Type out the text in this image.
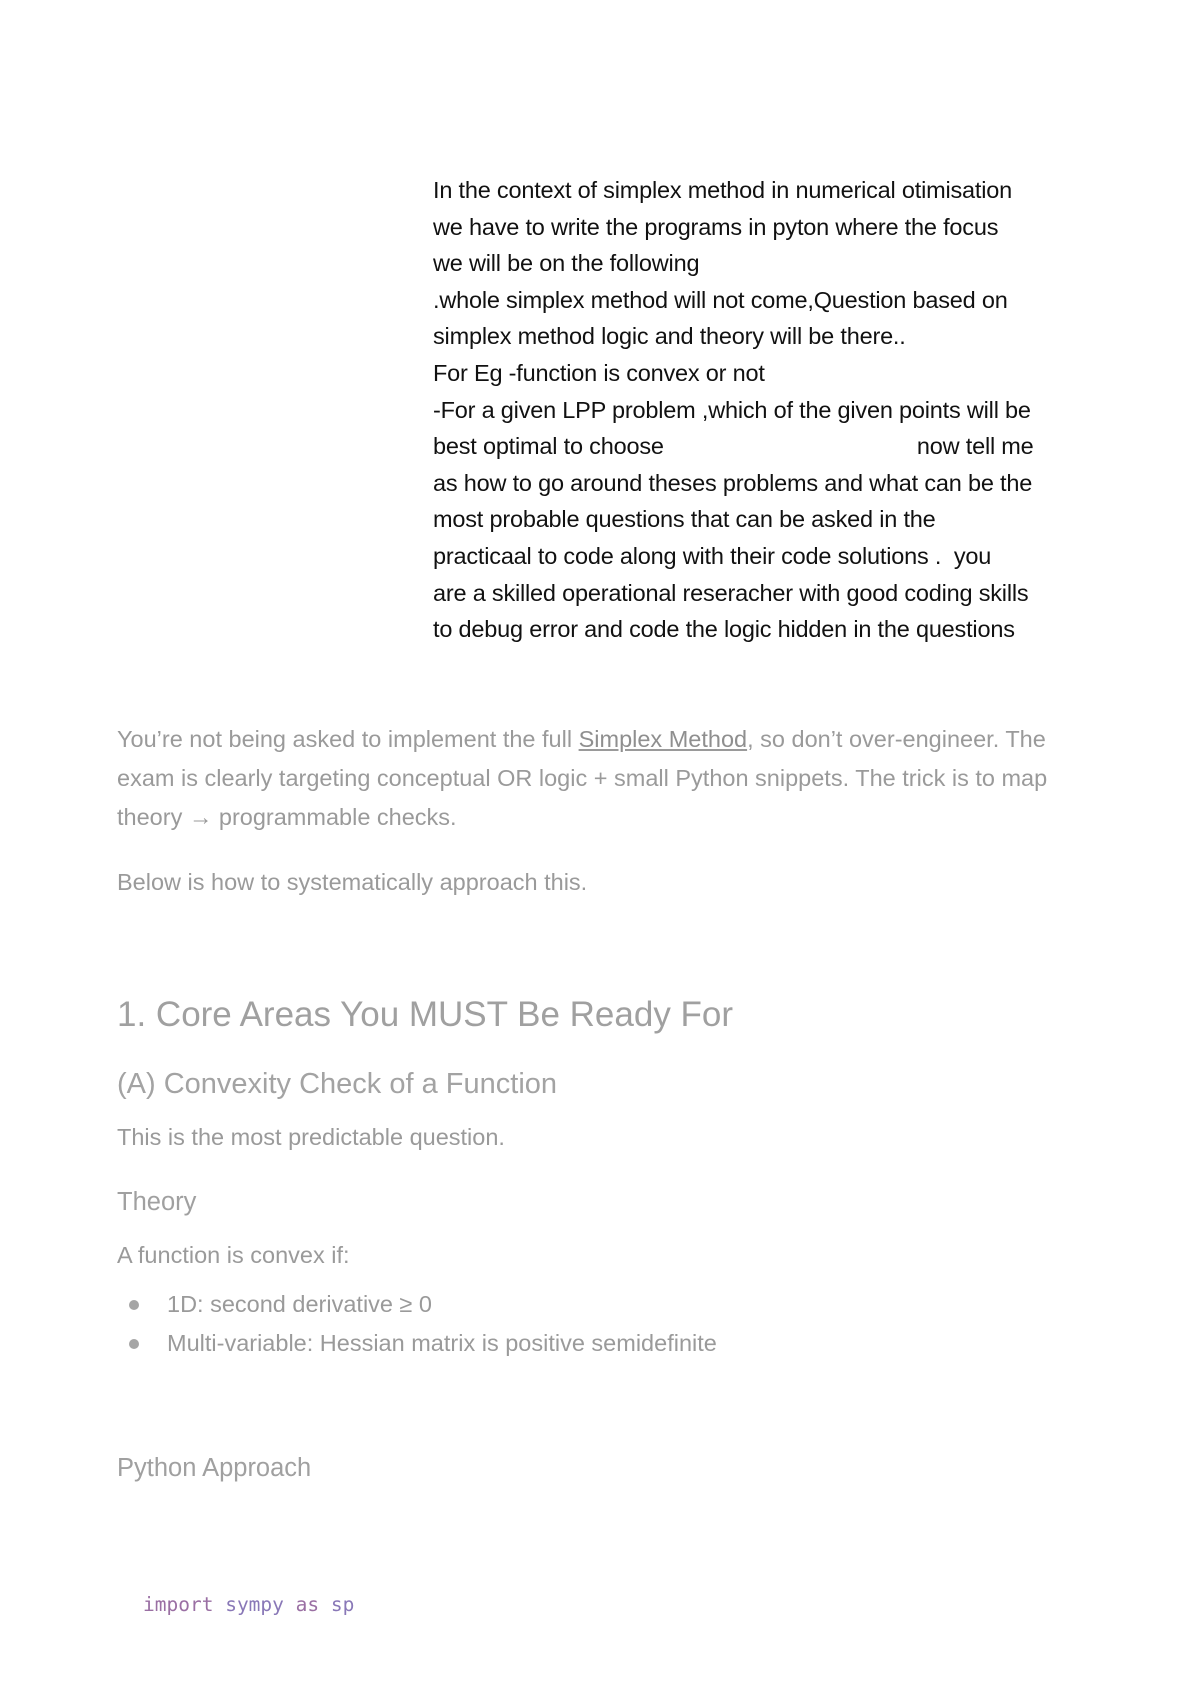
In the context of simplex method in numerical otimisation
we have to write the programs in pyton where the focus
we will be on the following
.whole simplex method will not come,Question based on
simplex method logic and theory will be there..
For Eg -function is convex or not
-For a given LPP problem ,which of the given points will be
best optimal to choose                                        now tell me
as how to go around theses problems and what can be the
most probable questions that can be asked in the
practicaal to code along with their code solutions .  you
are a skilled operational reseracher with good coding skills
to debug error and code the logic hidden in the questions

You’re not being asked to implement the full Simplex Method, so don’t over-engineer. The exam is clearly targeting conceptual OR logic + small Python snippets. The trick is to map theory → programmable checks.

Below is how to systematically approach this.
1. Core Areas You MUST Be Ready For
(A) Convexity Check of a Function
This is the most predictable question.
Theory
A function is convex if:
1D: second derivative ≥ 0
Multi-variable: Hessian matrix is positive semidefinite
Python Approach
import sympy as sp
